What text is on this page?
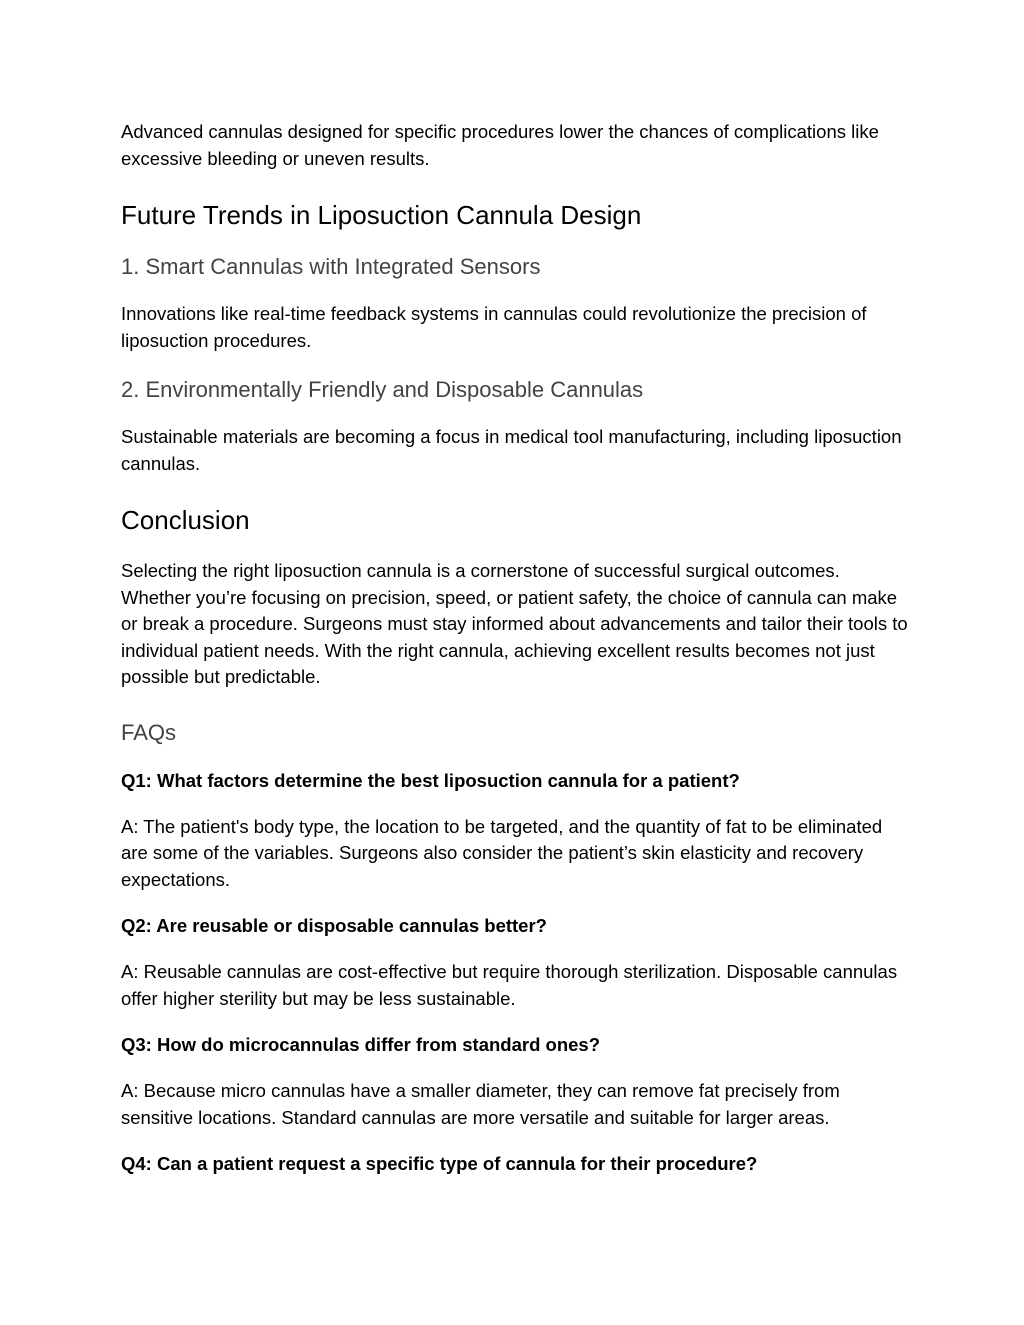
Advanced cannulas designed for specific procedures lower the chances of complications like excessive bleeding or uneven results.

Future Trends in Liposuction Cannula Design
1. Smart Cannulas with Integrated Sensors

Innovations like real-time feedback systems in cannulas could revolutionize the precision of liposuction procedures.

2. Environmentally Friendly and Disposable Cannulas

Sustainable materials are becoming a focus in medical tool manufacturing, including liposuction cannulas.

Conclusion

Selecting the right liposuction cannula is a cornerstone of successful surgical outcomes. Whether you’re focusing on precision, speed, or patient safety, the choice of cannula can make or break a procedure. Surgeons must stay informed about advancements and tailor their tools to individual patient needs. With the right cannula, achieving excellent results becomes not just possible but predictable.

FAQs
Q1: What factors determine the best liposuction cannula for a patient?

A: The patient's body type, the location to be targeted, and the quantity of fat to be eliminated are some of the variables. Surgeons also consider the patient’s skin elasticity and recovery expectations.

Q2: Are reusable or disposable cannulas better?

A: Reusable cannulas are cost-effective but require thorough sterilization. Disposable cannulas offer higher sterility but may be less sustainable.

Q3: How do microcannulas differ from standard ones?

A: Because micro cannulas have a smaller diameter, they can remove fat precisely from sensitive locations. Standard cannulas are more versatile and suitable for larger areas.

Q4: Can a patient request a specific type of cannula for their procedure?
